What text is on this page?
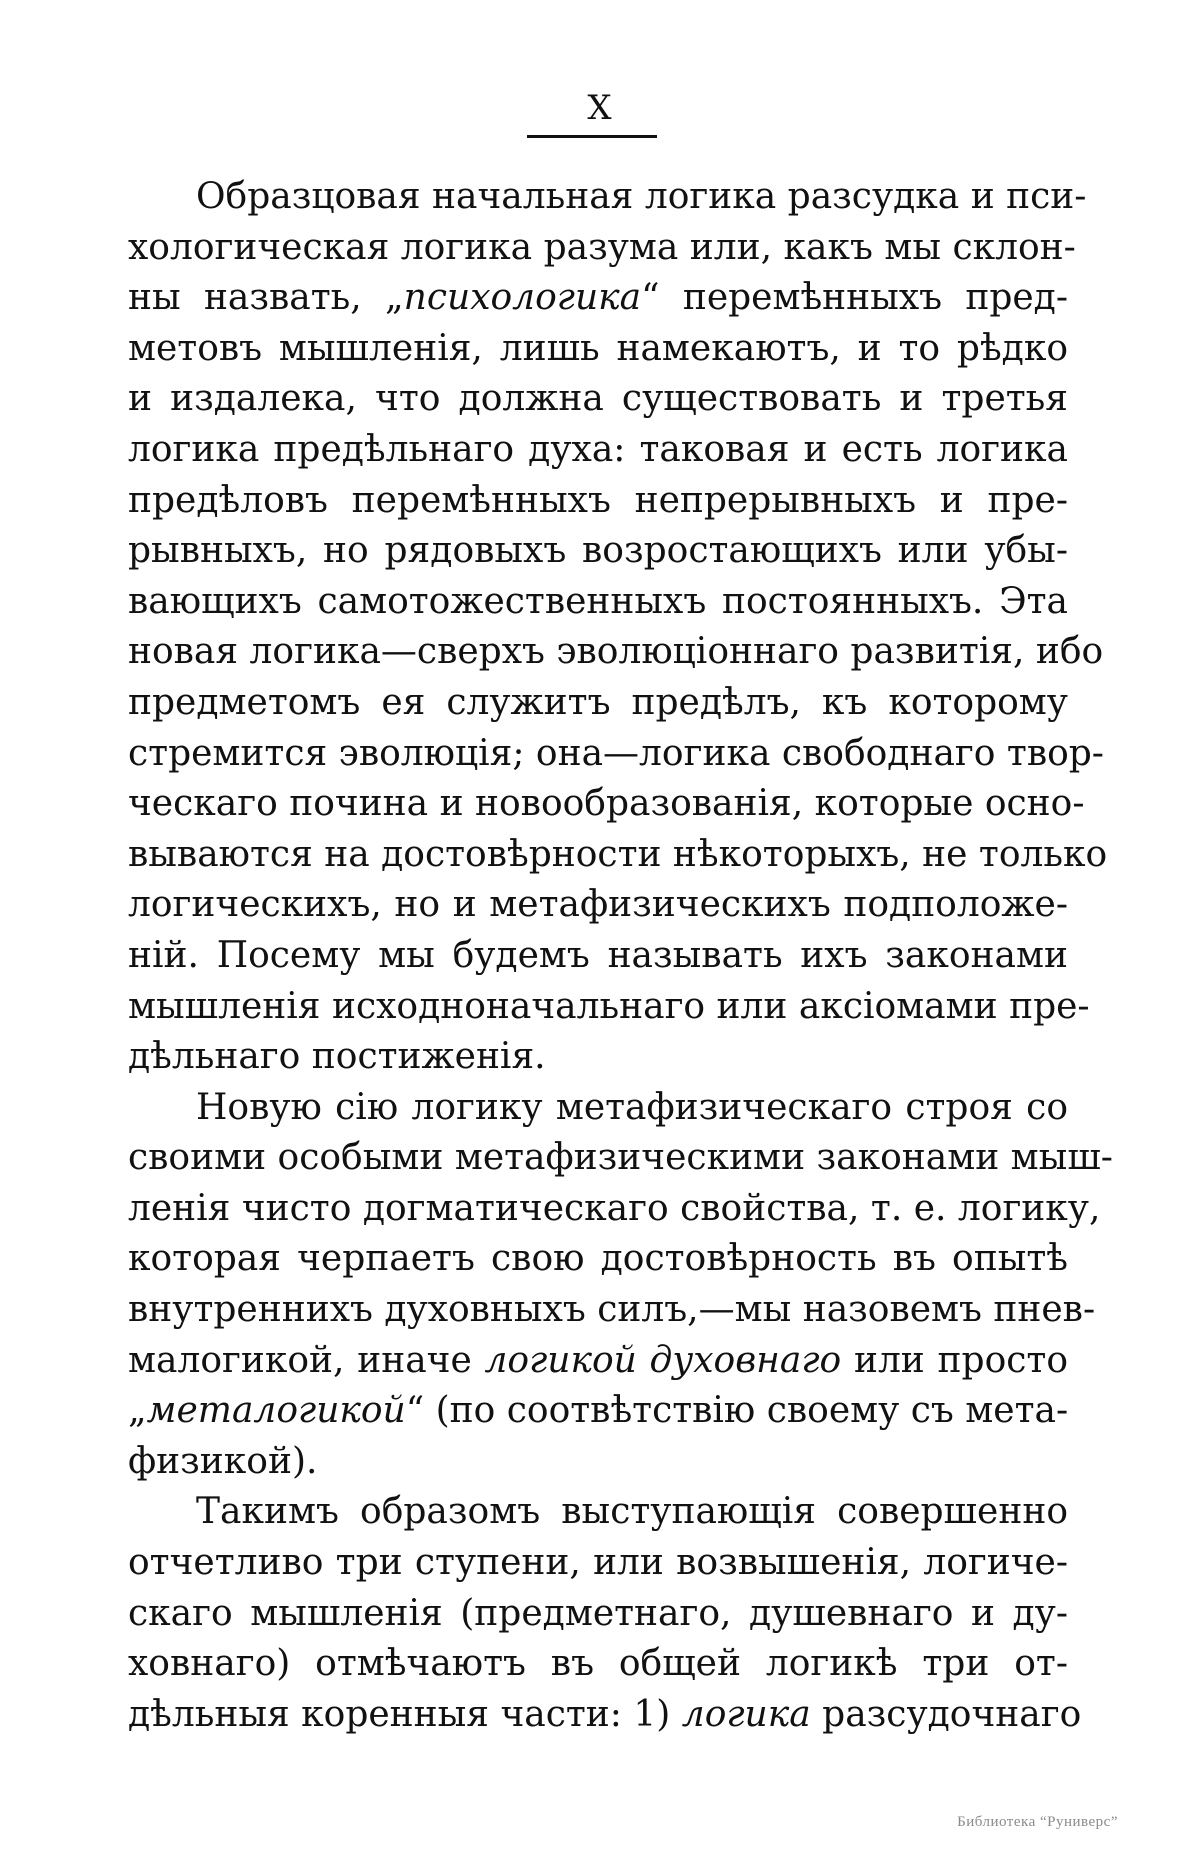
X
Образцовая начальная логика разсудка и пси-
хологическая логика разума или, какъ мы склон-
ны назвать, „психологика“ перемѣнныхъ пред-
метовъ мышленія, лишь намекаютъ, и то рѣдко
и издалека, что должна существовать и третья
логика предѣльнаго духа: таковая и есть логика
предѣловъ перемѣнныхъ непрерывныхъ и пре-
рывныхъ, но рядовыхъ возростающихъ или убы-
вающихъ самотожественныхъ постоянныхъ. Эта
новая логика—сверхъ эволюціоннаго развитія, ибо
предметомъ ея служитъ предѣлъ, къ которому
стремится эволюція; она—логика свободнаго твор-
ческаго почина и новообразованія, которые осно-
вываются на достовѣрности нѣкоторыхъ, не только
логическихъ, но и метафизическихъ подположе-
ній. Посему мы будемъ называть ихъ законами
мышленія исходноначальнаго или аксіомами пре-
дѣльнаго постиженія.
Новую сію логику метафизическаго строя со
своими особыми метафизическими законами мыш-
ленія чисто догматическаго свойства, т. е. логику,
которая черпаетъ свою достовѣрность въ опытѣ
внутреннихъ духовныхъ силъ,—мы назовемъ пнев-
малогикой, иначе логикой духовнаго или просто
„металогикой“ (по соотвѣтствію своему съ мета-
физикой).
Такимъ образомъ выступающія совершенно
отчетливо три ступени, или возвышенія, логиче-
скаго мышленія (предметнаго, душевнаго и ду-
ховнаго) отмѣчаютъ въ общей логикѣ три от-
дѣльныя коренныя части: 1) логика разсудочнаго
Библиотека “Руниверс”
